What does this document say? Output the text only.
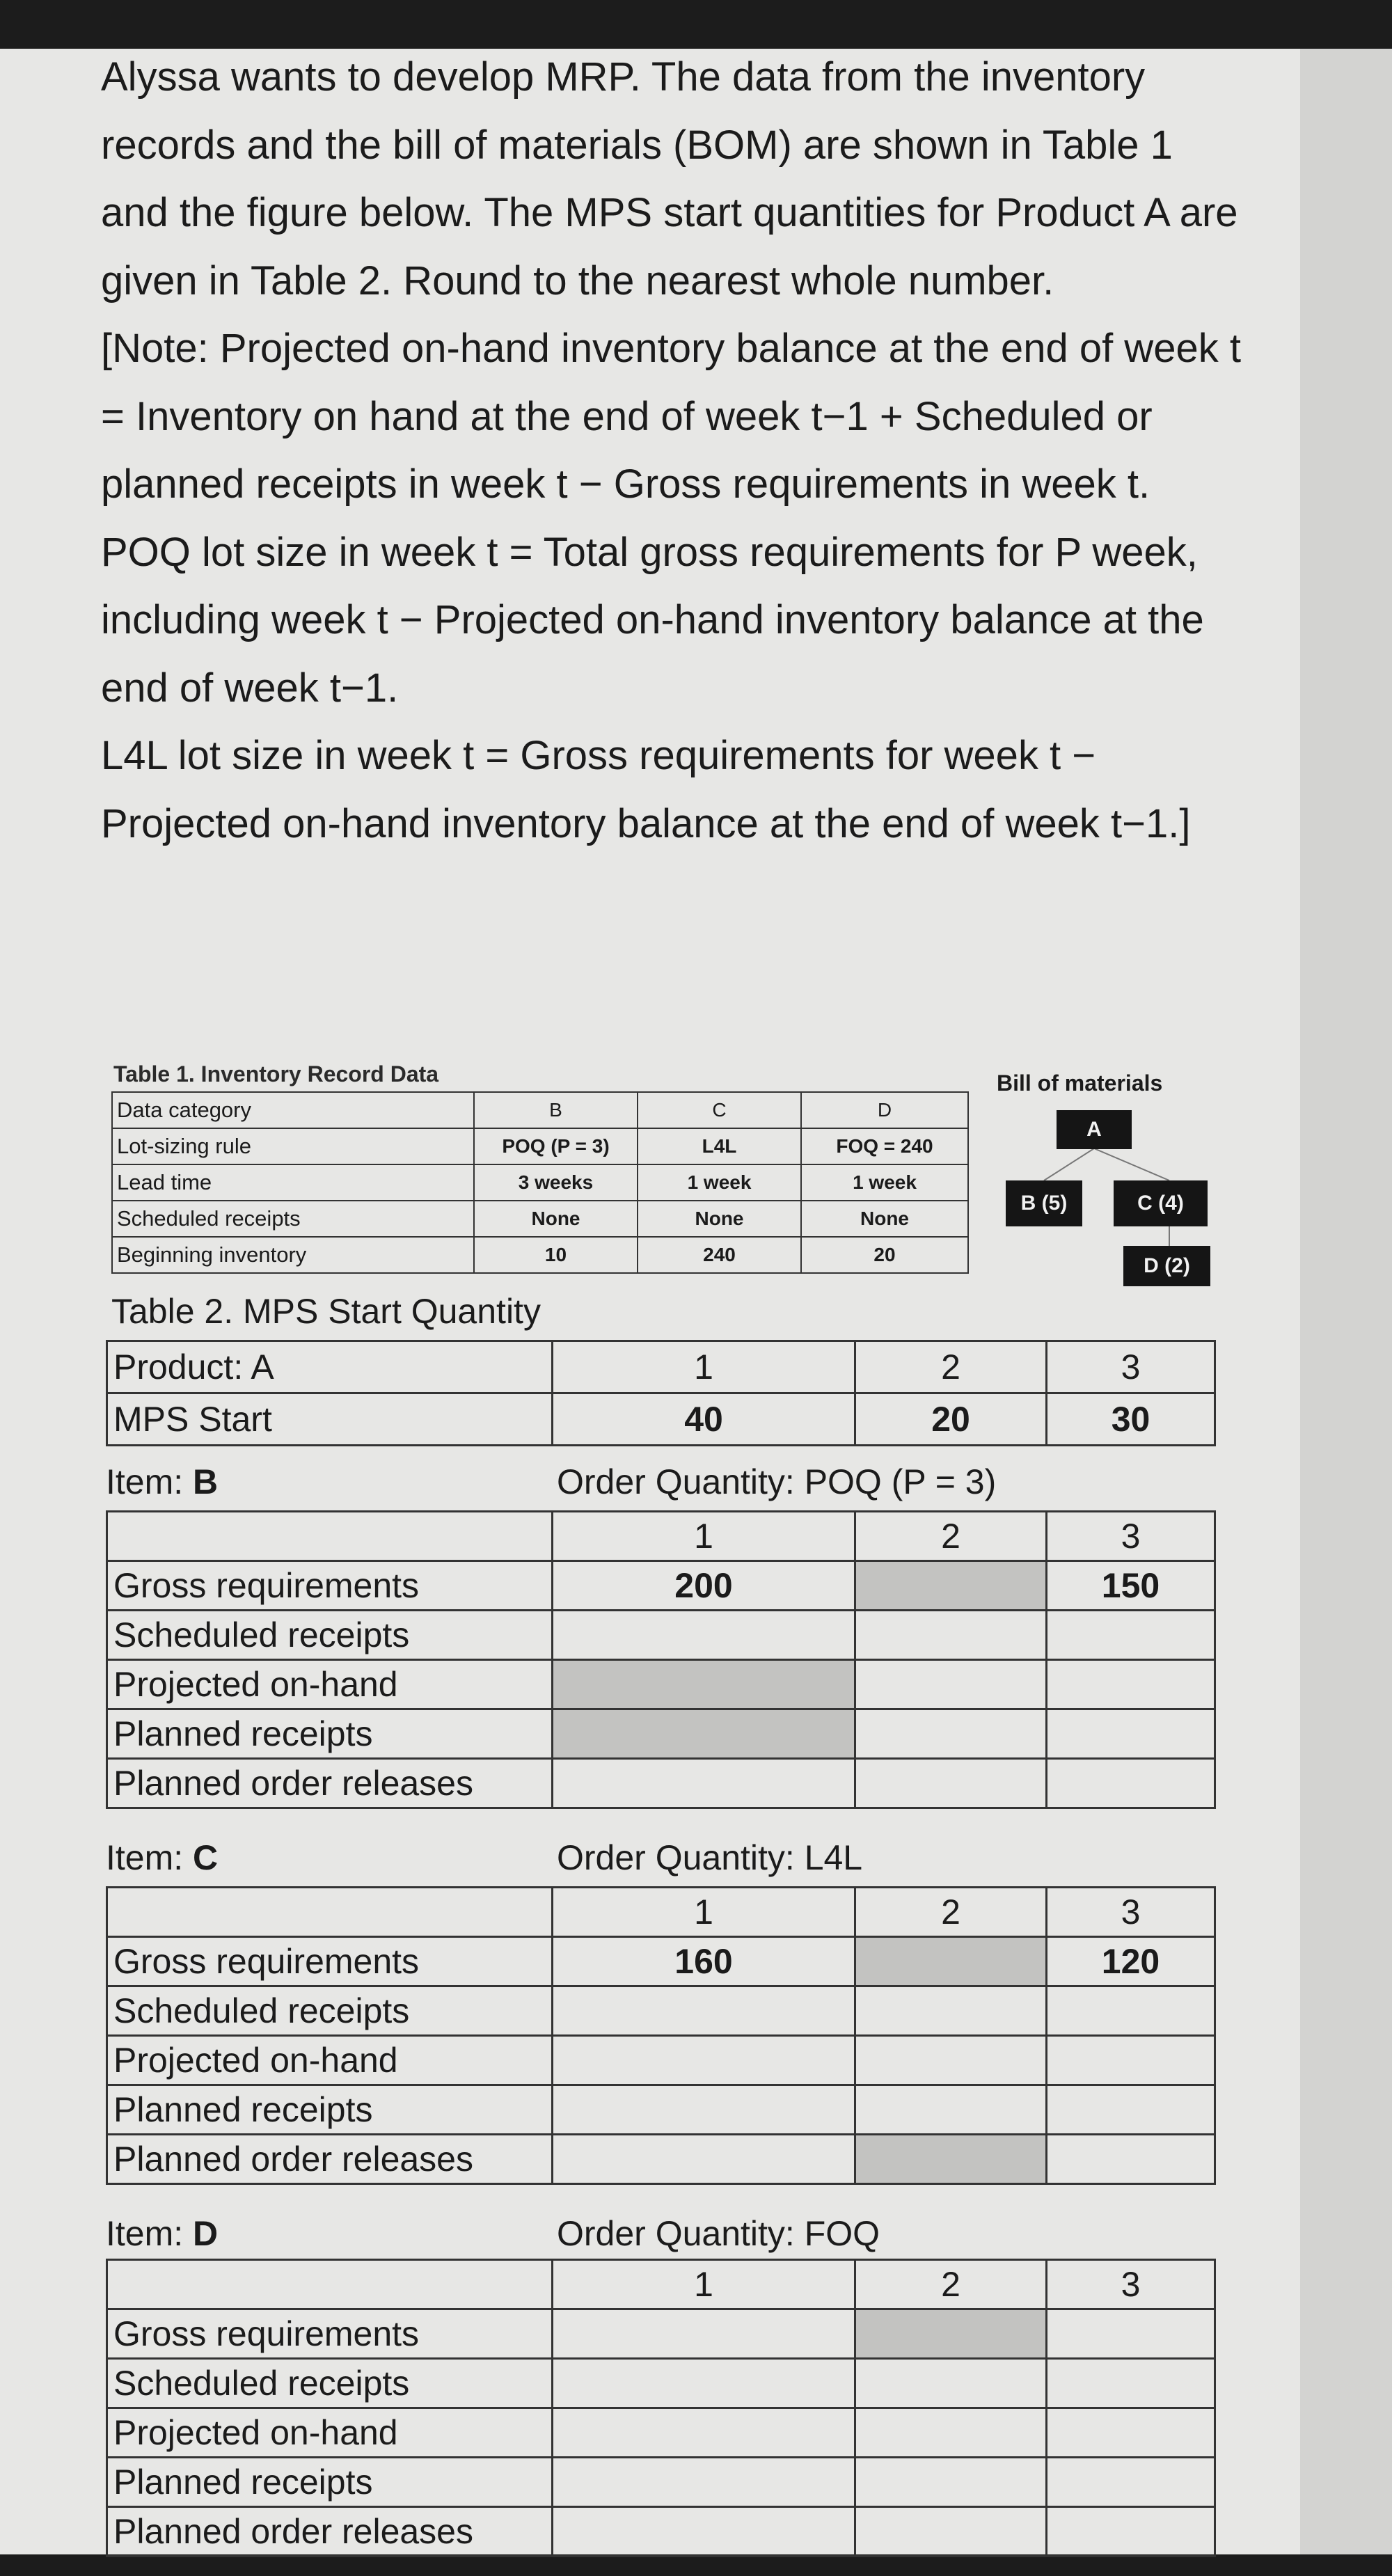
Alyssa wants to develop MRP. The data from the inventory records and the bill of materials (BOM) are shown in Table 1 and the figure below. The MPS start quantities for Product A are given in Table 2. Round to the nearest whole number.

[Note: Projected on-hand inventory balance at the end of week t = Inventory on hand at the end of week t−1 + Scheduled or planned receipts in week t − Gross requirements in week t.

POQ lot size in week t = Total gross requirements for P week, including week t − Projected on-hand inventory balance at the end of week t−1.

L4L lot size in week t = Gross requirements for week t − Projected on-hand inventory balance at the end of week t−1.]

Table 1. Inventory Record Data
Data category	B	C	D
Lot-sizing rule	POQ (P = 3)	L4L	FOQ = 240
Lead time	3 weeks	1 week	1 week
Scheduled receipts	None	None	None
Beginning inventory	10	240	20
Bill of materials
A
B (5)	C (4)
D (2)
Table 2. MPS Start Quantity
Product: A	1	2	3
MPS Start	40	20	30
Item: B	Order Quantity: POQ (P = 3)
	1	2	3
Gross requirements	200		150
Scheduled receipts			
Projected on-hand			
Planned receipts			
Planned order releases			
Item: C	Order Quantity: L4L
	1	2	3
Gross requirements	160		120
Scheduled receipts			
Projected on-hand			
Planned receipts			
Planned order releases			
Item: D	Order Quantity: FOQ
	1	2	3
Gross requirements			
Scheduled receipts			
Projected on-hand			
Planned receipts			
Planned order releases			
